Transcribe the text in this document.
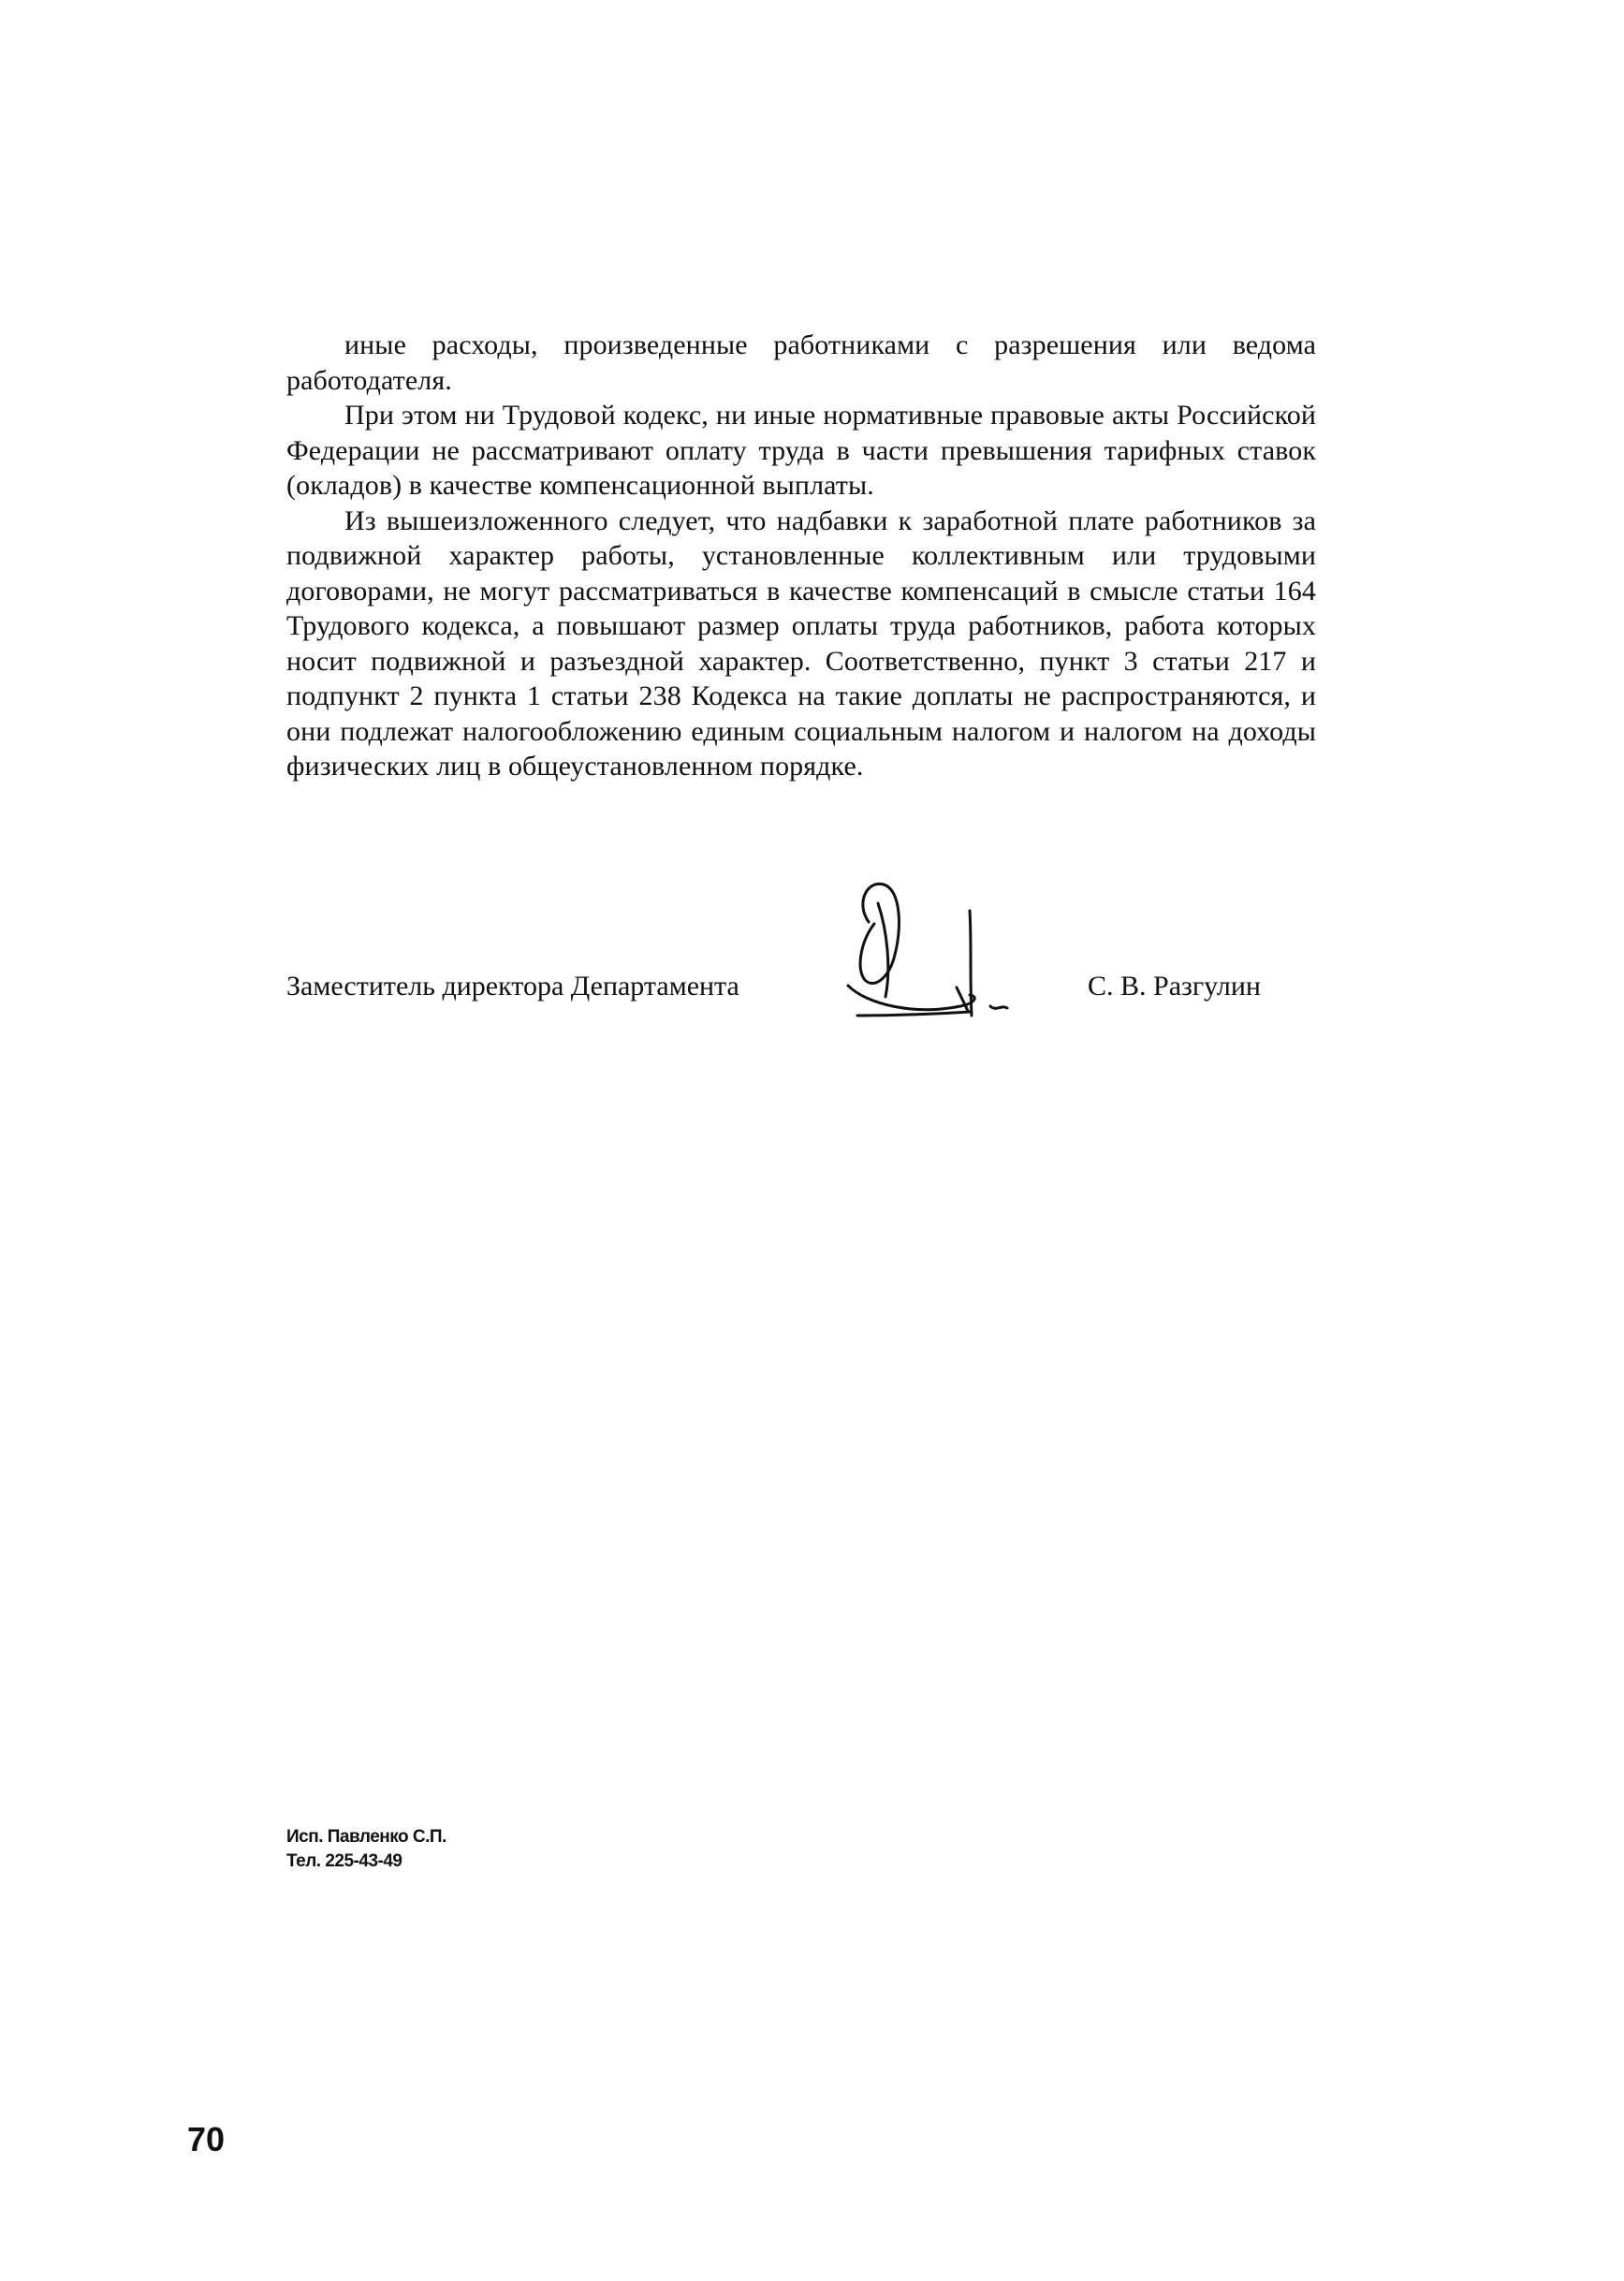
иные расходы, произведенные работниками с разрешения или ведома работодателя.

При этом ни Трудовой кодекс, ни иные нормативные правовые акты Российской Федерации не рассматривают оплату труда в части превышения тарифных ставок (окладов) в качестве компенсационной выплаты.

Из вышеизложенного следует, что надбавки к заработной плате работников за подвижной характер работы, установленные коллективным или трудовыми договорами, не могут рассматриваться в качестве компенсаций в смысле статьи 164 Трудового кодекса, а повышают размер оплаты труда работников, работа которых носит подвижной и разъездной характер. Соответственно, пункт 3 статьи 217 и подпункт 2 пункта 1 статьи 238 Кодекса на такие доплаты не распространяются, и они подлежат налогообложению единым социальным налогом и налогом на доходы физических лиц в общеустановленном порядке.

Заместитель директора Департамента	С. В. Разгулин
Исп. Павленко С.П.
Тел. 225-43-49
70
